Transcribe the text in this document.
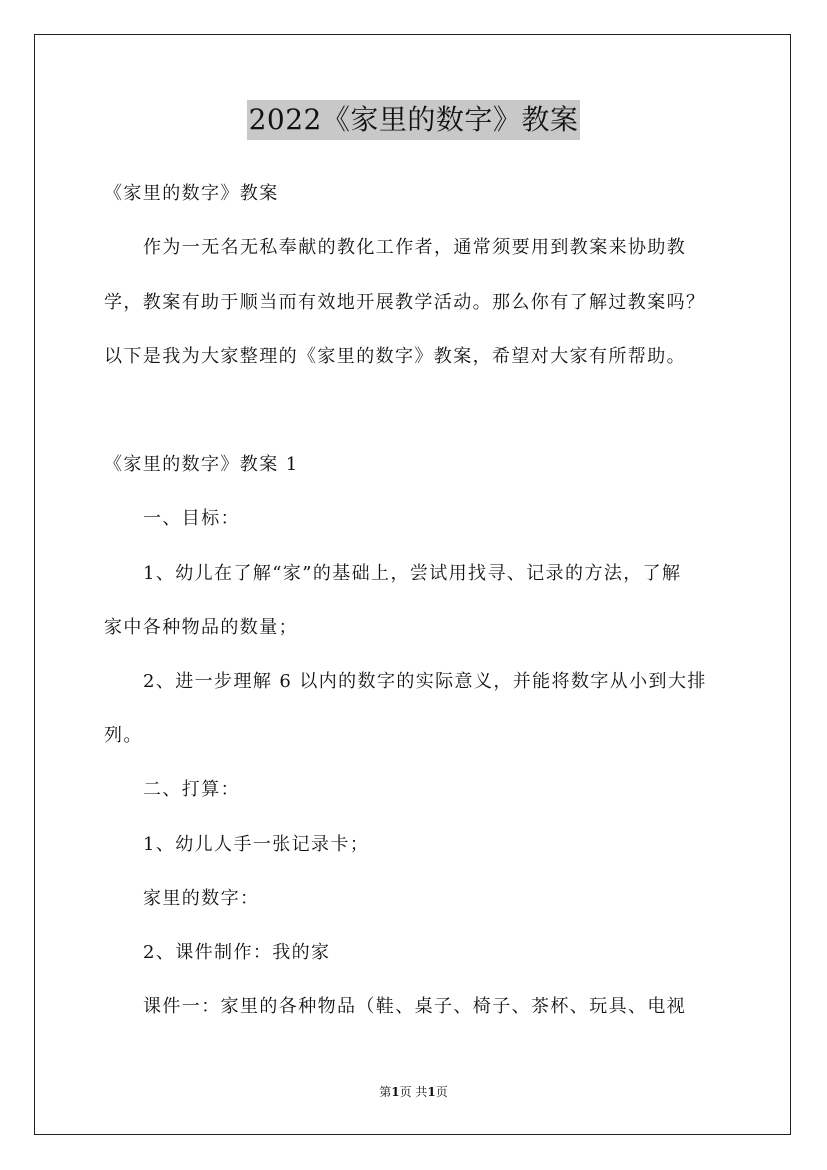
2022《家里的数字》教案
《家里的数字》教案
作为一无名无私奉献的教化工作者，通常须要用到教案来协助教
学，教案有助于顺当而有效地开展教学活动。那么你有了解过教案吗？
以下是我为大家整理的《家里的数字》教案，希望对大家有所帮助。
《家里的数字》教案 1
一、目标：
1、幼儿在了解“家”的基础上，尝试用找寻、记录的方法，了解
家中各种物品的数量；
2、进一步理解 6 以内的数字的实际意义，并能将数字从小到大排
列。
二、打算：
1、幼儿人手一张记录卡；
家里的数字：
2、课件制作：我的家
课件一：家里的各种物品（鞋、桌子、椅子、茶杯、玩具、电视
第1页 共1页
